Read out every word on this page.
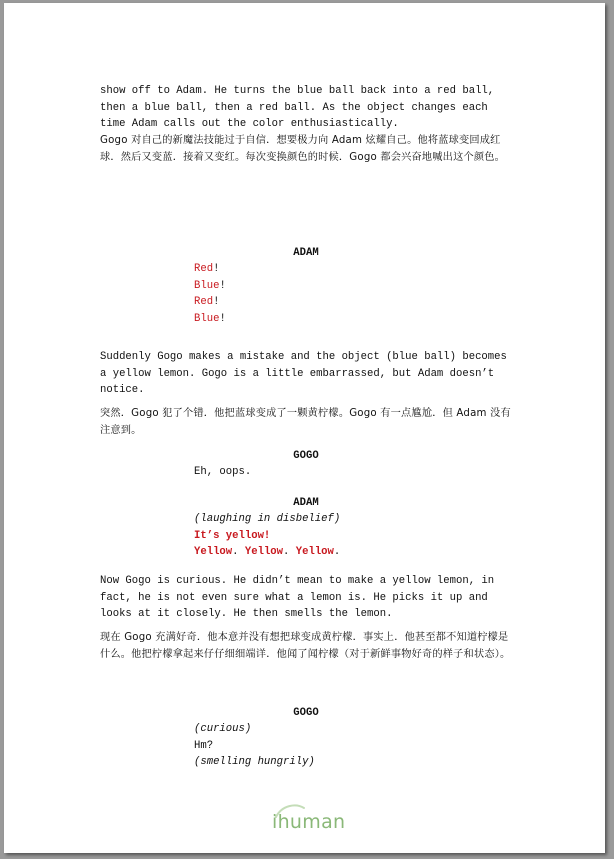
show off to Adam. He turns the blue ball back into a red ball, then a blue ball, then a red ball. As the object changes each time Adam calls out the color enthusiastically.

Gogo 对自己的新魔法技能过于自信．想要极力向 Adam 炫耀自己。他将蓝球变回成红球．然后又变蓝．接着又变红。每次变换颜色的时候．Gogo 都会兴奋地喊出这个颜色。

ADAM
Red!
Blue!
Red!
Blue!

Suddenly Gogo makes a mistake and the object (blue ball) becomes a yellow lemon. Gogo is a little embarrassed, but Adam doesn’t notice.

突然．Gogo 犯了个错．他把蓝球变成了一颗黄柠檬。Gogo 有一点尴尬．但 Adam 没有注意到。

GOGO
Eh, oops.
ADAM
(laughing in disbelief)
It’s yellow!
Yellow. Yellow. Yellow.

Now Gogo is curious. He didn’t mean to make a yellow lemon, in fact, he is not even sure what a lemon is. He picks it up and looks at it closely. He then smells the lemon.

现在 Gogo 充满好奇．他本意并没有想把球变成黄柠檬．事实上．他甚至都不知道柠檬是什么。他把柠檬拿起来仔仔细细端详．他闻了闻柠檬（对于新鲜事物好奇的样子和状态）。

GOGO
(curious)
Hm?
(smelling hungrily)
ihuman
